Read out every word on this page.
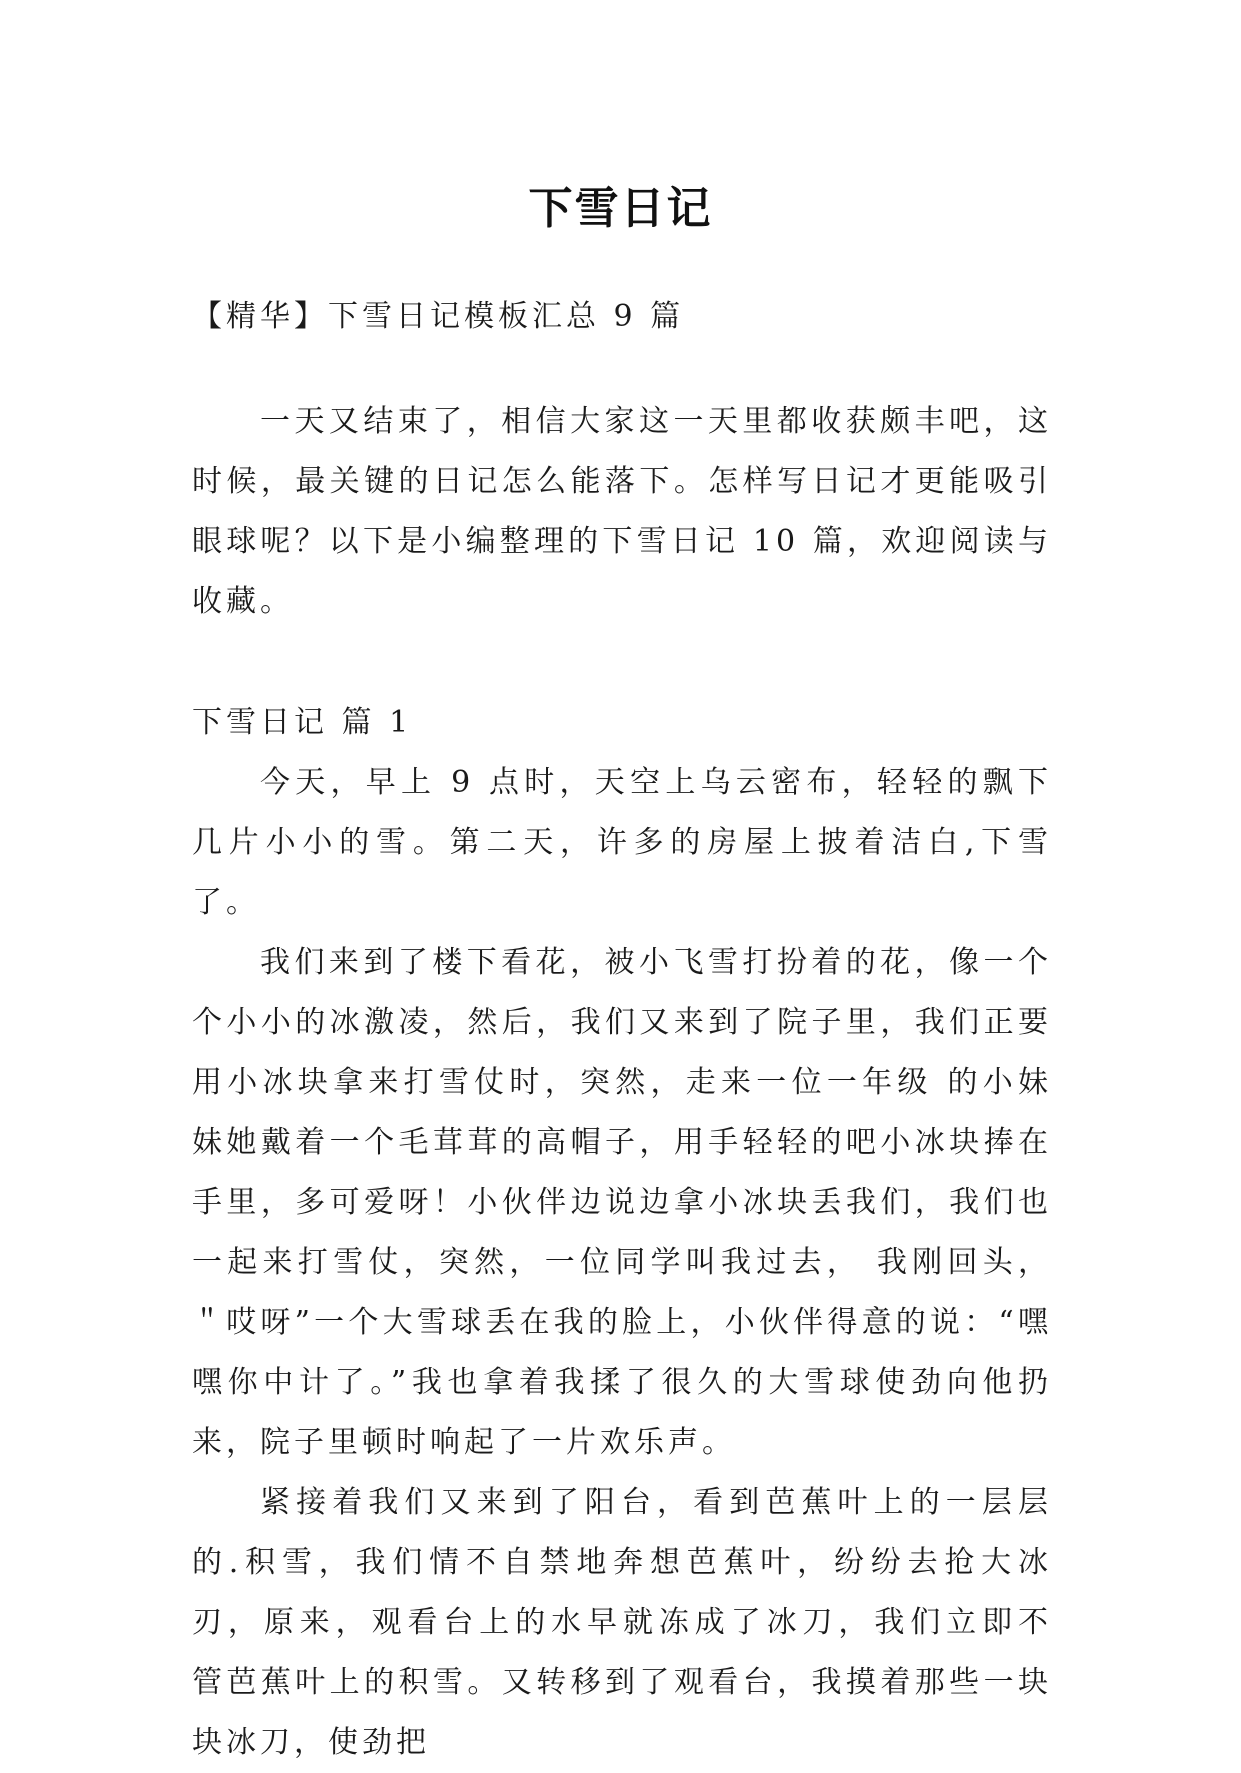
下雪日记

【精华】下雪日记模板汇总 9 篇

一天又结束了，相信大家这一天里都收获颇丰吧，这时候，最关键的日记怎么能落下。怎样写日记才更能吸引眼球呢？以下是小编整理的下雪日记 10 篇，欢迎阅读与收藏。

下雪日记 篇 1

今天，早上 9 点时，天空上乌云密布，轻轻的飘下几片小小的雪。第二天，许多的房屋上披着洁白,下雪了。

我们来到了楼下看花，被小飞雪打扮着的花，像一个个小小的冰激凌，然后，我们又来到了院子里，我们正要用小冰块拿来打雪仗时，突然，走来一位一年级 的小妹妹她戴着一个毛茸茸的高帽子，用手轻轻的吧小冰块捧在手里，多可爱呀！小伙伴边说边拿小冰块丢我们，我们也一起来打雪仗，突然，一位同学叫我过去， 我刚回头，＂哎呀”一个大雪球丢在我的脸上，小伙伴得意的说：“嘿嘿你中计了。”我也拿着我揉了很久的大雪球使劲向他扔来，院子里顿时响起了一片欢乐声。

紧接着我们又来到了阳台，看到芭蕉叶上的一层层的.积雪，我们情不自禁地奔想芭蕉叶，纷纷去抢大冰刃，原来，观看台上的水早就冻成了冰刀，我们立即不 管芭蕉叶上的积雪。又转移到了观看台，我摸着那些一块块冰刀，使劲把
